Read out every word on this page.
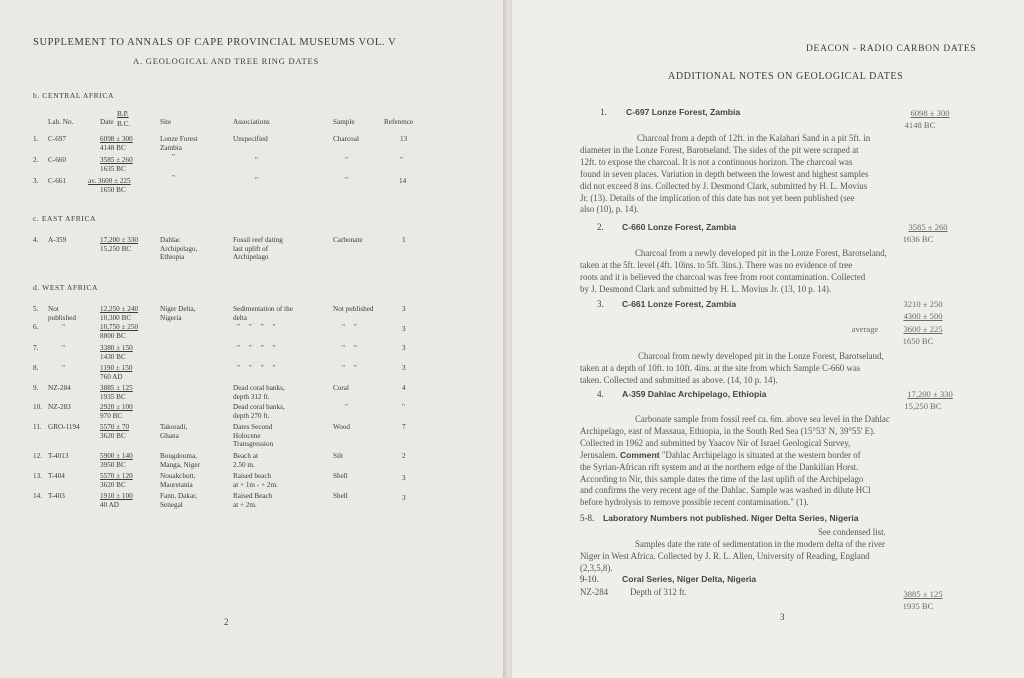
SUPPLEMENT TO ANNALS OF CAPE PROVINCIAL MUSEUMS VOL. V
A. GEOLOGICAL AND TREE RING DATES
b. CENTRAL AFRICA
Lab. No.	Date
B.P.
B.C.	Site	Associations	Sample	Reference
1. C-697	6098 ± 300
4148 BC
Lonze Forest
Zambia
Unspecified	Charcoal	13
2. C-660	3585 ± 260
1635 BC
"	"	"	"
3. C-661	av. 3600 ± 225
1650 BC
"	"	"	14
c. EAST AFRICA
4. A-359	17,200 ± 330
15,250 BC
Dahlac
Archipelago,
Ethiopia
Fossil reef dating
last uplift of
Archipelago
Carbonate	1
d. WEST AFRICA
5. Not
published
12,250 ± 240
10,300 BC
Niger Delta,
Nigeria
Sedimentation of the
delta
Not published	3
6.	"	10,750 ± 250
8800 BC
"     "     "     "	"     "	3
7.	"	3380 ± 150
1430 BC
"     "     "     "	"     "	3
8.	"	1190 ± 150
760 AD
"     "     "     "	"     "	3
9. NZ-284	3885 ± 125
1935 BC
Dead coral banks,
depth 312 ft.
Coral	4
10. NZ-283	2920 ± 100
970 BC
Dead coral banks,
depth 270 ft.
"	"
11. GRO-1194	5570 ± 70
3620 BC
Takoradi,
Ghana
Dates Second
Holocene
Transgression
Wood	7
12. T-4013	5900 ± 140
3950 BC
Bougdouma,
Manga, Niger
Beach at
2.50 m.
Silt	2
13. T-404	5570 ± 120
3620 BC
Nouakchott,
Mauretania
Raised beach
at + 1m - + 2m.
Shell	3
14. T-403	1910 ± 100
40 AD
Fann, Dakar,
Senegal
Raised Beach
at + 2m.
Shell	3
2
DEACON - RADIO CARBON DATES
ADDITIONAL NOTES ON GEOLOGICAL DATES
1. C-697 Lonze Forest, Zambia	6098 ± 300
4148 BC
Charcoal from a depth of 12ft. in the Kalahari Sand in a pit 5ft. in
diameter in the Lonze Forest, Barotseland. The sides of the pit were scraped at
12ft. to expose the charcoal. It is not a continuous horizon. The charcoal was
found in seven places. Variation in depth between the lowest and highest samples
did not exceed 8 ins. Collected by J. Desmond Clark, submitted by H. L. Movius
Jr. (13). Details of the implication of this date has not yet been published (see
also (10), p. 14).
2. C-660 Lonze Forest, Zambia	3585 ± 260
1636 BC
Charcoal from a newly developed pit in the Lonze Forest, Barotseland,
taken at the 5ft. level (4ft. 10ins. to 5ft. 3ins.). There was no evidence of tree
roots and it is believed the charcoal was free from root contamination. Collected
by J. Desmond Clark and submitted by H. L. Movius Jr. (13, 10 p. 14).
3. C-661 Lonze Forest, Zambia	3210 ± 250
4300 ± 500
average	3600 ± 225
1650 BC
Charcoal from newly developed pit in the Lonze Forest, Barotseland,
taken at a depth of 10ft. to 10ft. 4ins. at the site from which Sample C-660 was
taken. Collected and submitted as above. (14, 10 p. 14).
4. A-359 Dahlac Archipelago, Ethiopia	17,200 ± 330
15,250 BC
Carbonate sample from fossil reef ca. 6m. above sea level in the Dahlac
Archipelago, east of Massaua, Ethiopia, in the South Red Sea (15°53' N, 39°55' E).
Collected in 1962 and submitted by Yaacov Nir of Israel Geological Survey,
Jerusalem. Comment "Dahlac Archipelago is situated at the western border of
the Syrian-African rift system and at the northern edge of the Dankilian Horst.
According to Nir, this sample dates the time of the last uplift of the Archipelago
and confirms the very recent age of the Dahlac. Sample was washed in dilute HCl
before hydrolysis to remove possible recent contamination." (1).
5-8. Laboratory Numbers not published. Niger Delta Series, Nigeria
See condensed list.
Samples date the rate of sedimentation in the modern delta of the river
Niger in West Africa. Collected by J. R. L. Allen, University of Reading, England
(2,3,5,8).
9-10.	Coral Series, Niger Delta, Nigeria
NZ-284	Depth of 312 ft.	3885 ± 125
1935 BC
3
